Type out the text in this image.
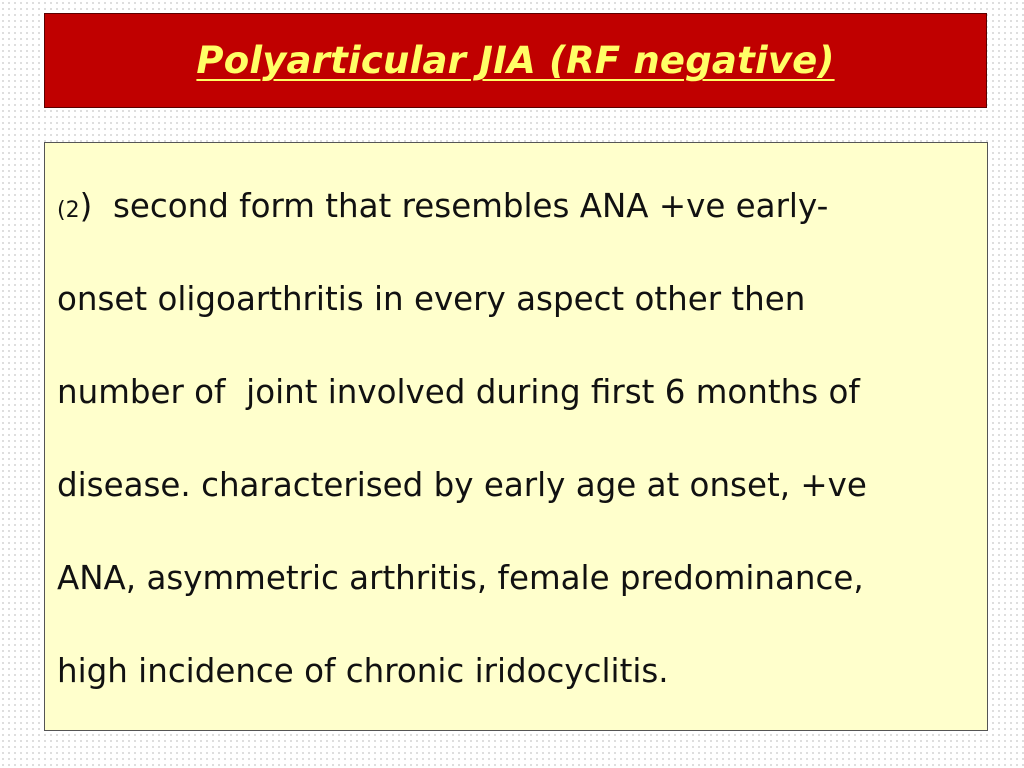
Polyarticular JIA (RF negative)
(2)  second form that resembles ANA +ve early-
onset oligoarthritis in every aspect other then
number of  joint involved during first 6 months of
disease. characterised by early age at onset, +ve
ANA, asymmetric arthritis, female predominance,
high incidence of chronic iridocyclitis.
